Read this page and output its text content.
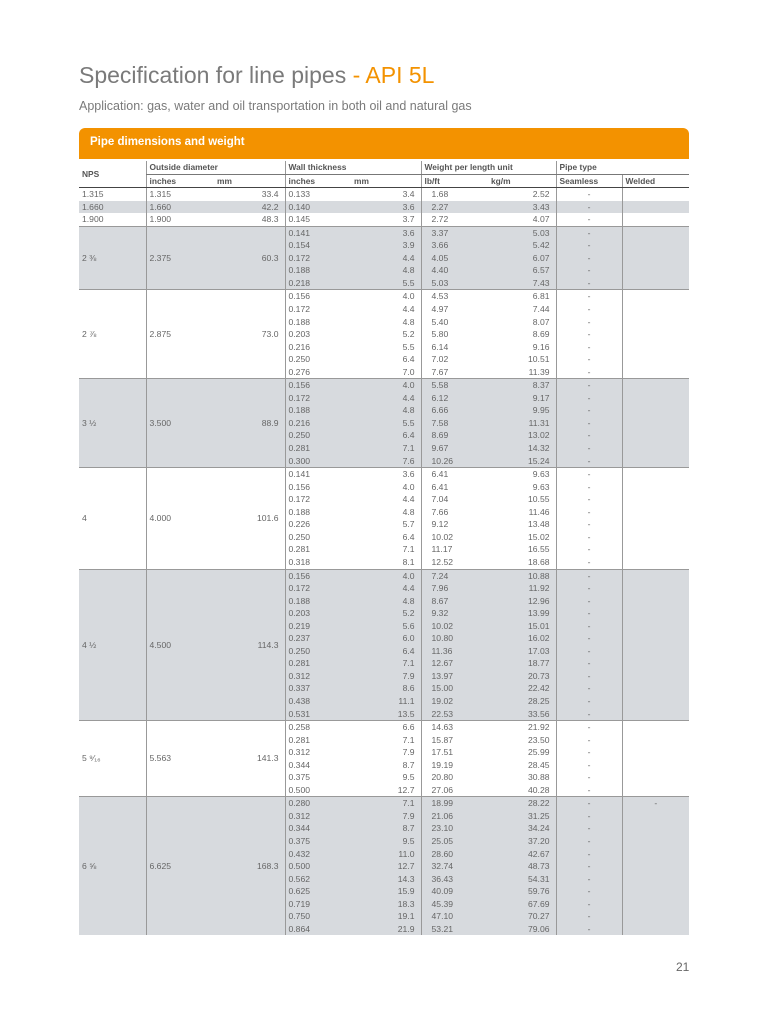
Specification for line pipes - API 5L
Application: gas, water and oil transportation in both oil and natural gas
Pipe dimensions and weight
NPS	Outside diameter		Wall thickness		Weight per length unit		Pipe type	
	inches	mm	inches	mm	lb/ft	kg/m	Seamless	Welded
1.315	1.315	33.4	0.133	3.4	1.68	2.52	-	
1.660	1.660	42.2	0.140	3.6	2.27	3.43	-	
1.900	1.900	48.3	0.145	3.7	2.72	4.07	-	
2 ⅜	2.375	60.3	0.141	3.6	3.37	5.03	-	
			0.154	3.9	3.66	5.42	-	
			0.172	4.4	4.05	6.07	-	
			0.188	4.8	4.40	6.57	-	
			0.218	5.5	5.03	7.43	-	
2 ⅞	2.875	73.0	0.156	4.0	4.53	6.81	-	
			0.172	4.4	4.97	7.44	-	
			0.188	4.8	5.40	8.07	-	
			0.203	5.2	5.80	8.69	-	
			0.216	5.5	6.14	9.16	-	
			0.250	6.4	7.02	10.51	-	
			0.276	7.0	7.67	11.39	-	
3 ½	3.500	88.9	0.156	4.0	5.58	8.37	-	
			0.172	4.4	6.12	9.17	-	
			0.188	4.8	6.66	9.95	-	
			0.216	5.5	7.58	11.31	-	
			0.250	6.4	8.69	13.02	-	
			0.281	7.1	9.67	14.32	-	
			0.300	7.6	10.26	15.24	-	
4	4.000	101.6	0.141	3.6	6.41	9.63	-	
			0.156	4.0	6.41	9.63	-	
			0.172	4.4	7.04	10.55	-	
			0.188	4.8	7.66	11.46	-	
			0.226	5.7	9.12	13.48	-	
			0.250	6.4	10.02	15.02	-	
			0.281	7.1	11.17	16.55	-	
			0.318	8.1	12.52	18.68	-	
4 ½	4.500	114.3	0.156	4.0	7.24	10.88	-	
			0.172	4.4	7.96	11.92	-	
			0.188	4.8	8.67	12.96	-	
			0.203	5.2	9.32	13.99	-	
			0.219	5.6	10.02	15.01	-	
			0.237	6.0	10.80	16.02	-	
			0.250	6.4	11.36	17.03	-	
			0.281	7.1	12.67	18.77	-	
			0.312	7.9	13.97	20.73	-	
			0.337	8.6	15.00	22.42	-	
			0.438	11.1	19.02	28.25	-	
			0.531	13.5	22.53	33.56	-	
5 ⁹⁄₁₆	5.563	141.3	0.258	6.6	14.63	21.92	-	
			0.281	7.1	15.87	23.50	-	
			0.312	7.9	17.51	25.99	-	
			0.344	8.7	19.19	28.45	-	
			0.375	9.5	20.80	30.88	-	
			0.500	12.7	27.06	40.28	-	
6 ⅝	6.625	168.3	0.280	7.1	18.99	28.22	-	-
			0.312	7.9	21.06	31.25	-	
			0.344	8.7	23.10	34.24	-	
			0.375	9.5	25.05	37.20	-	
			0.432	11.0	28.60	42.67	-	
			0.500	12.7	32.74	48.73	-	
			0.562	14.3	36.43	54.31	-	
			0.625	15.9	40.09	59.76	-	
			0.719	18.3	45.39	67.69	-	
			0.750	19.1	47.10	70.27	-	
			0.864	21.9	53.21	79.06	-	
21
